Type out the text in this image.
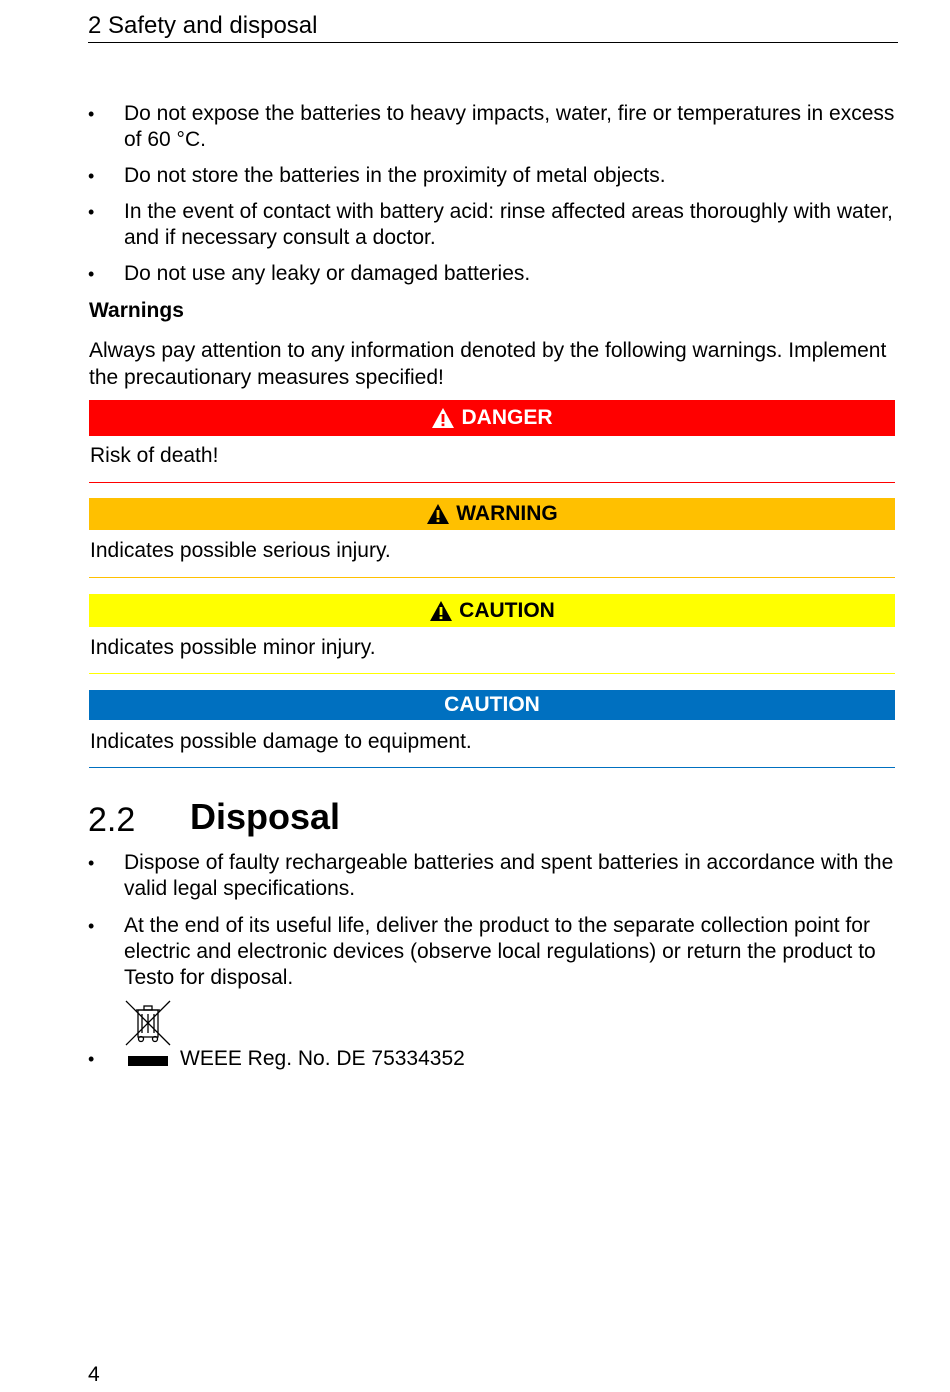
2 Safety and disposal
• Do not expose the batteries to heavy impacts, water, fire or temperatures in excess of 60 °C.
• Do not store the batteries in the proximity of metal objects.
• In the event of contact with battery acid: rinse affected areas thoroughly with water, and if necessary consult a doctor.
• Do not use any leaky or damaged batteries.
Warnings
Always pay attention to any information denoted by the following warnings. Implement the precautionary measures specified!
DANGER
Risk of death!
WARNING
Indicates possible serious injury.
CAUTION
Indicates possible minor injury.
CAUTION
Indicates possible damage to equipment.
2.2 Disposal
• Dispose of faulty rechargeable batteries and spent batteries in accordance with the valid legal specifications.
• At the end of its useful life, deliver the product to the separate collection point for electric and electronic devices (observe local regulations) or return the product to Testo for disposal.
•	WEEE Reg. No. DE 75334352
4
